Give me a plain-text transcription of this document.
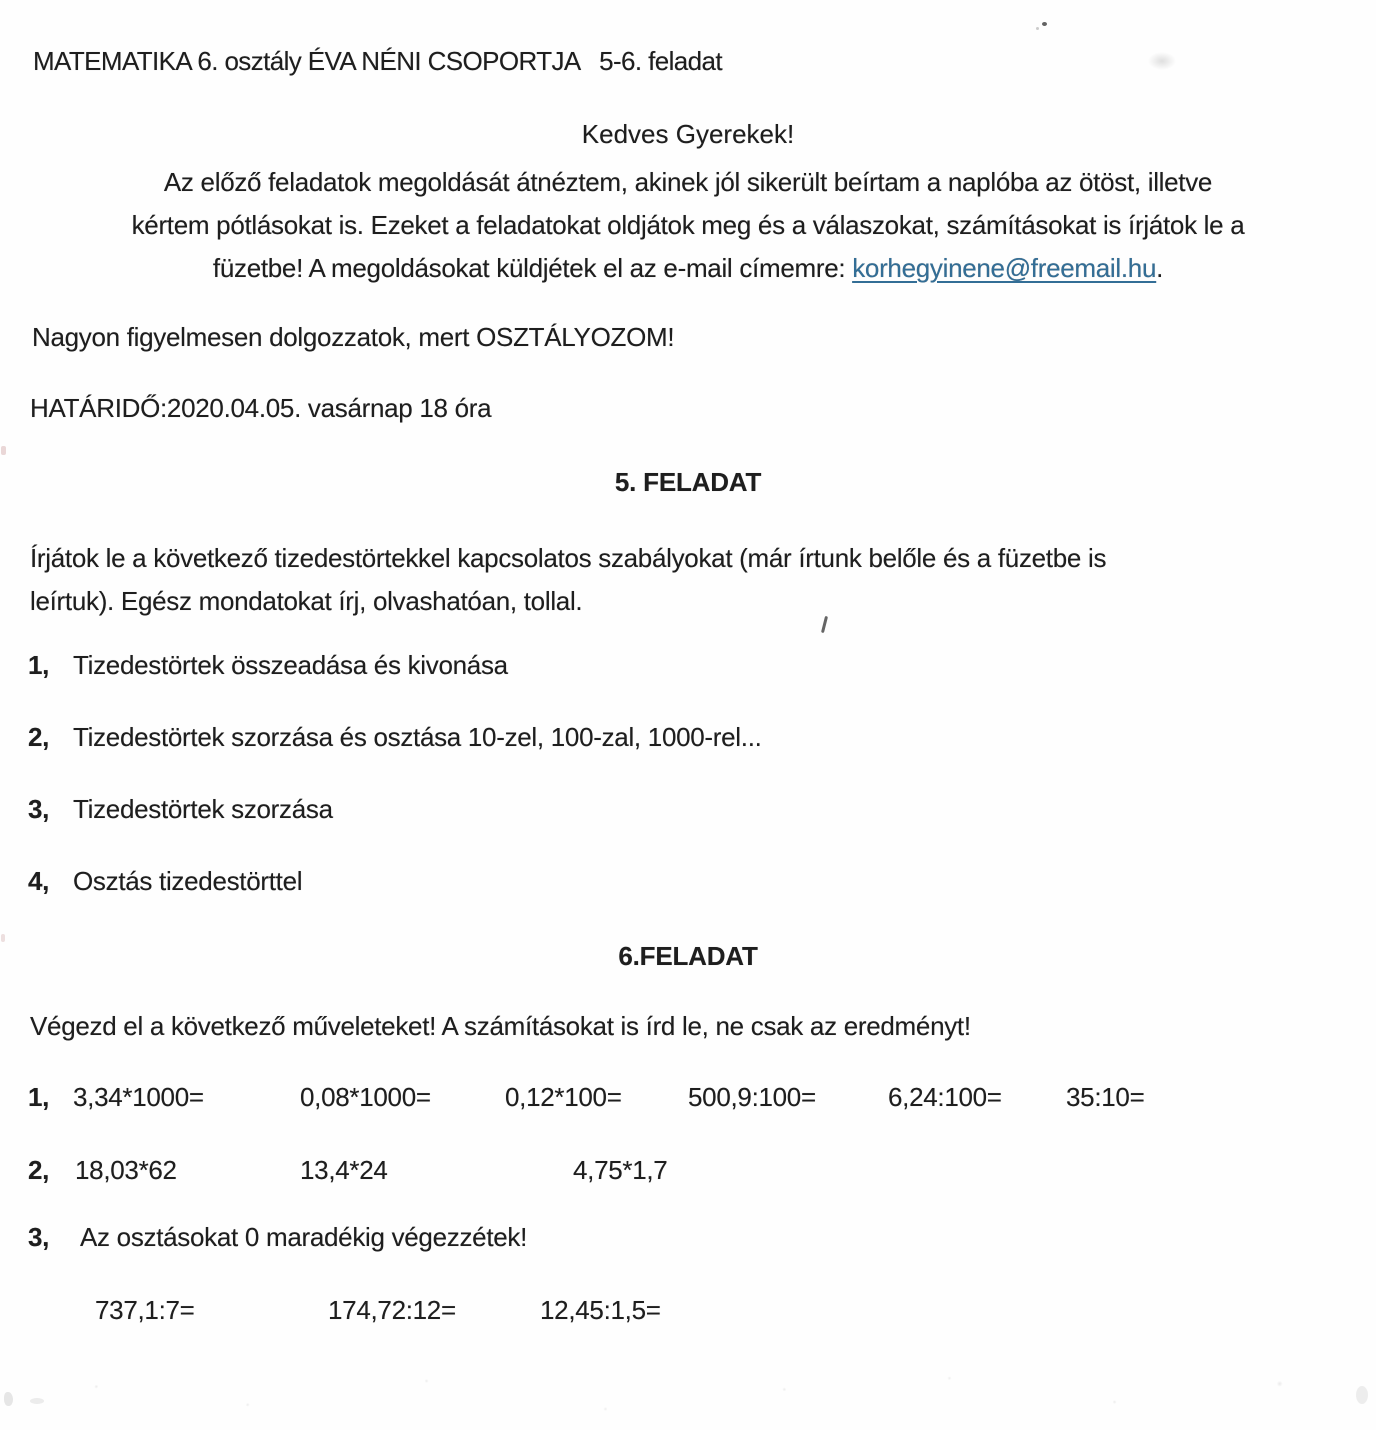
MATEMATIKA 6. osztály ÉVA NÉNI CSOPORTJA   5-6. feladat
Kedves Gyerekek!
Az előző feladatok megoldását átnéztem, akinek jól sikerült beírtam a naplóba az ötöst, illetve
kértem pótlásokat is. Ezeket a feladatokat oldjátok meg és a válaszokat, számításokat is írjátok le a
füzetbe! A megoldásokat küldjétek el az e-mail címemre: korhegyinene@freemail.hu.
Nagyon figyelmesen dolgozzatok, mert OSZTÁLYOZOM!
HATÁRIDŐ:2020.04.05. vasárnap 18 óra
5. FELADAT
Írjátok le a következő tizedestörtekkel kapcsolatos szabályokat (már írtunk belőle és a füzetbe is
leírtuk). Egész mondatokat írj, olvashatóan, tollal.
1, Tizedestörtek összeadása és kivonása
2, Tizedestörtek szorzása és osztása 10-zel, 100-zal, 1000-rel...
3, Tizedestörtek szorzása
4, Osztás tizedestörttel
6.FELADAT
Végezd el a következő műveleteket! A számításokat is írd le, ne csak az eredményt!
1, 3,34*1000=	0,08*1000=	0,12*100=	500,9:100=	6,24:100= 35:10=
2, 18,03*62	13,4*24	4,75*1,7
3, Az osztásokat 0 maradékig végezzétek!
737,1:7=	174,72:12=	12,45:1,5=
